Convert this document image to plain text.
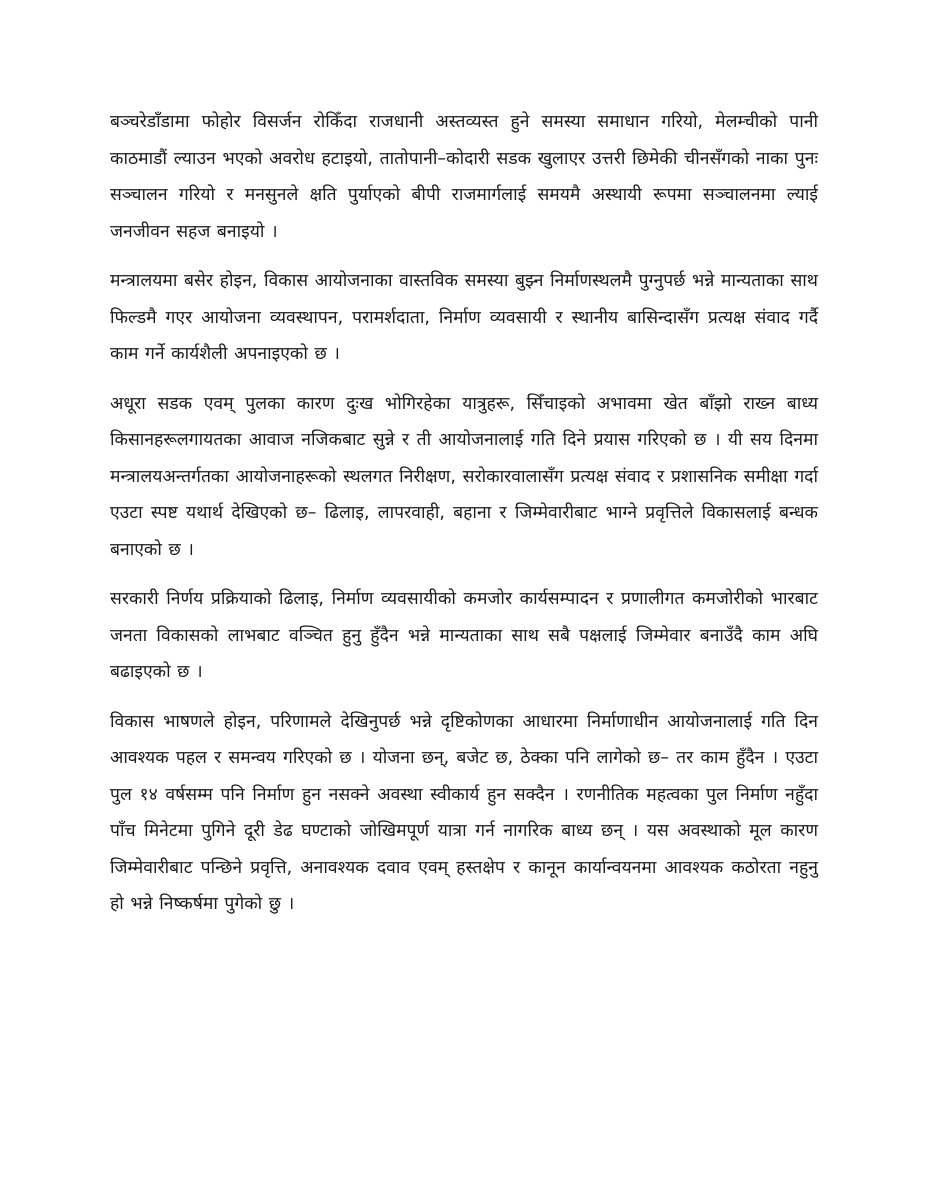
बञ्चरेडाँडामा फोहोर विसर्जन रोकिँदा राजधानी अस्तव्यस्त हुने समस्या समाधान गरियो, मेलम्चीको पानी काठमाडौं ल्याउन भएको अवरोध हटाइयो, तातोपानी–कोदारी सडक खुलाएर उत्तरी छिमेकी चीनसँगको नाका पुनः सञ्चालन गरियो र मनसुनले क्षति पुर्याएको बीपी राजमार्गलाई समयमै अस्थायी रूपमा सञ्चालनमा ल्याई जनजीवन सहज बनाइयो ।

मन्त्रालयमा बसेर होइन, विकास आयोजनाका वास्तविक समस्या बुझ्न निर्माणस्थलमै पुग्नुपर्छ भन्ने मान्यताका साथ फिल्डमै गएर आयोजना व्यवस्थापन, परामर्शदाता, निर्माण व्यवसायी र स्थानीय बासिन्दासँग प्रत्यक्ष संवाद गर्दै काम गर्ने कार्यशैली अपनाइएको छ ।

अधूरा सडक एवम् पुलका कारण दुःख भोगिरहेका यात्रुहरू, सिँचाइको अभावमा खेत बाँझो राख्न बाध्य किसानहरूलगायतका आवाज नजिकबाट सुन्ने र ती आयोजनालाई गति दिने प्रयास गरिएको छ । यी सय दिनमा मन्त्रालयअन्तर्गतका आयोजनाहरूको स्थलगत निरीक्षण, सरोकारवालासँग प्रत्यक्ष संवाद र प्रशासनिक समीक्षा गर्दा एउटा स्पष्ट यथार्थ देखिएको छ– ढिलाइ, लापरवाही, बहाना र जिम्मेवारीबाट भाग्ने प्रवृत्तिले विकासलाई बन्धक बनाएको छ ।

सरकारी निर्णय प्रक्रियाको ढिलाइ, निर्माण व्यवसायीको कमजोर कार्यसम्पादन र प्रणालीगत कमजोरीको भारबाट जनता विकासको लाभबाट वञ्चित हुनु हुँदैन भन्ने मान्यताका साथ सबै पक्षलाई जिम्मेवार बनाउँदै काम अघि बढाइएको छ ।

विकास भाषणले होइन, परिणामले देखिनुपर्छ भन्ने दृष्टिकोणका आधारमा निर्माणाधीन आयोजनालाई गति दिन आवश्यक पहल र समन्वय गरिएको छ । योजना छन्, बजेट छ, ठेक्का पनि लागेको छ– तर काम हुँदैन । एउटा पुल १४ वर्षसम्म पनि निर्माण हुन नसक्ने अवस्था स्वीकार्य हुन सक्दैन । रणनीतिक महत्वका पुल निर्माण नहुँदा पाँच मिनेटमा पुगिने दूरी डेढ घण्टाको जोखिमपूर्ण यात्रा गर्न नागरिक बाध्य छन् । यस अवस्थाको मूल कारण जिम्मेवारीबाट पन्छिने प्रवृत्ति, अनावश्यक दवाव एवम् हस्तक्षेप र कानून कार्यान्वयनमा आवश्यक कठोरता नहुनु हो भन्ने निष्कर्षमा पुगेको छु ।
